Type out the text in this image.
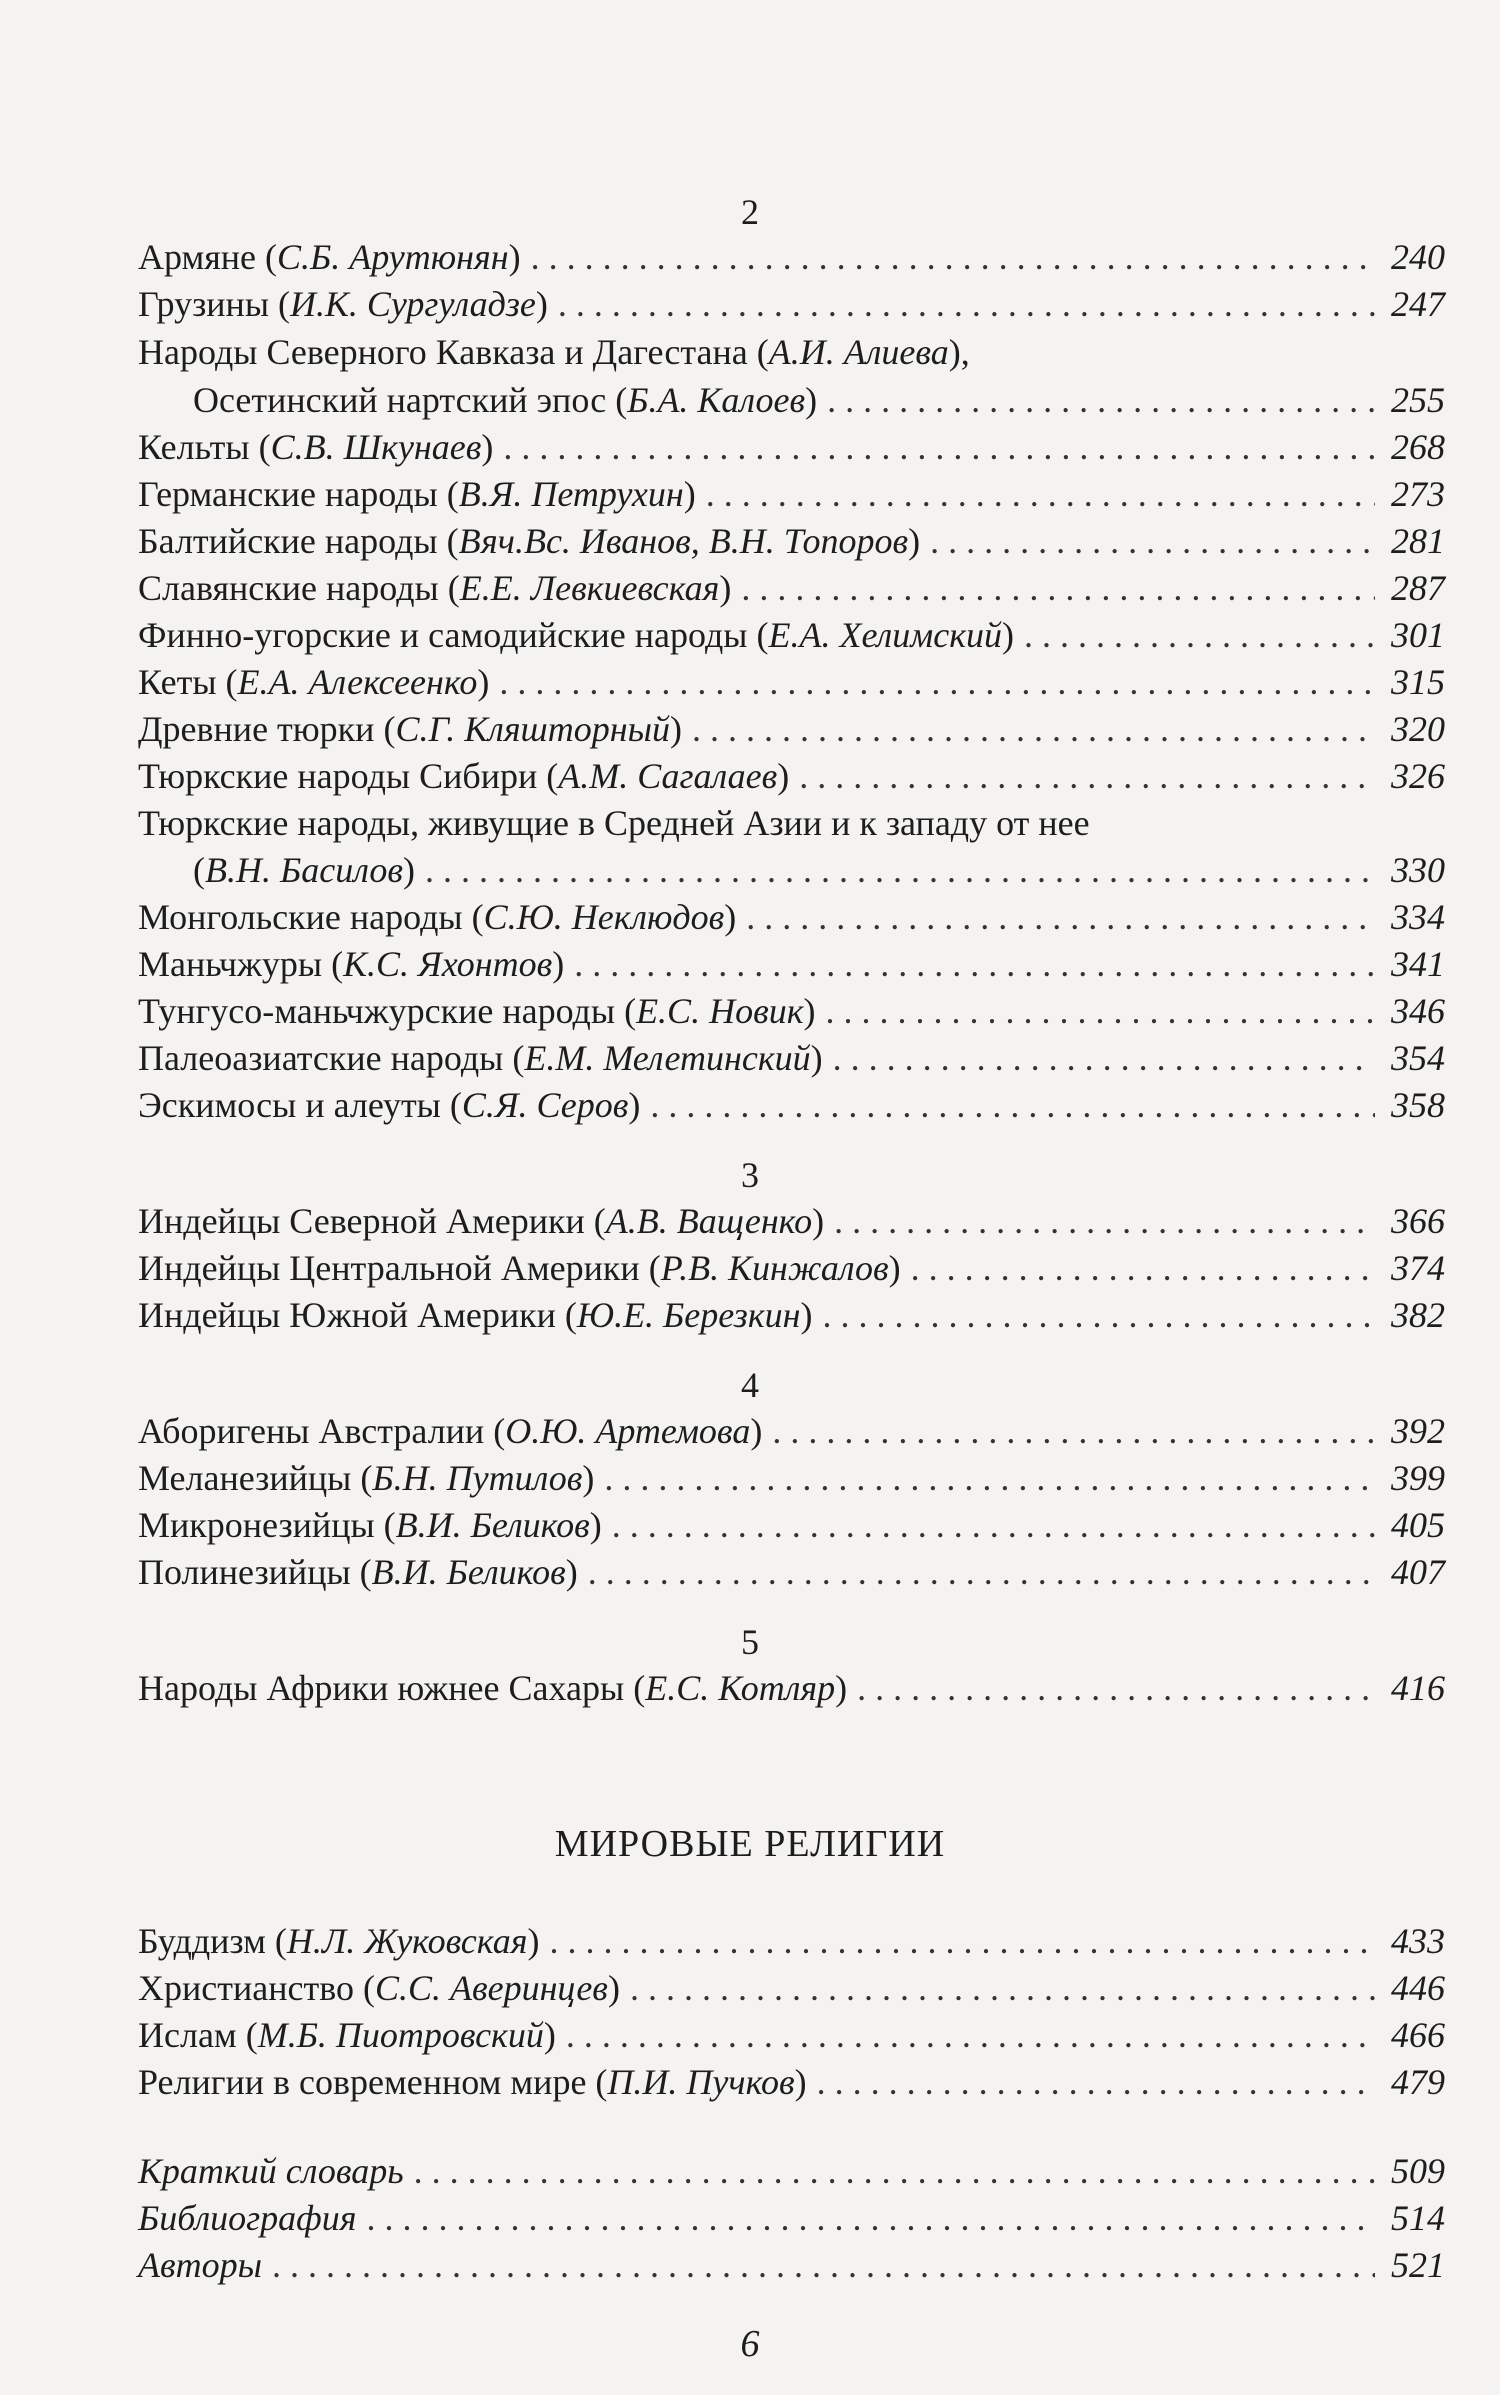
2
Армяне (С.Б. Арутюнян) . . .	240
Грузины (И.К. Сургуладзе) . . .	247
Народы Северного Кавказа и Дагестана (А.И. Алиева),
Осетинский нартский эпос (Б.А. Калоев) . . .	255
Кельты (С.В. Шкунаев) . . .	268
Германские народы (В.Я. Петрухин) . . .	273
Балтийские народы (Вяч.Вс. Иванов, В.Н. Топоров) . . .	281
Славянские народы (Е.Е. Левкиевская) . . .	287
Финно-угорские и самодийские народы (Е.А. Хелимский) . . .	301
Кеты (Е.А. Алексеенко) . . .	315
Древние тюрки (С.Г. Кляшторный) . . .	320
Тюркские народы Сибири (А.М. Сагалаев) . . .	326
Тюркские народы, живущие в Средней Азии и к западу от нее
(В.Н. Басилов) . . .	330
Монгольские народы (С.Ю. Неклюдов) . . .	334
Маньчжуры (К.С. Яхонтов) . . .	341
Тунгусо-маньчжурские народы (Е.С. Новик) . . .	346
Палеоазиатские народы (Е.М. Мелетинский) . . .	354
Эскимосы и алеуты (С.Я. Серов) . . .	358
3
Индейцы Северной Америки (А.В. Ващенко) . . .	366
Индейцы Центральной Америки (Р.В. Кинжалов) . . .	374
Индейцы Южной Америки (Ю.Е. Березкин) . . .	382
4
Аборигены Австралии (О.Ю. Артемова) . . .	392
Меланезийцы (Б.Н. Путилов) . . .	399
Микронезийцы (В.И. Беликов) . . .	405
Полинезийцы (В.И. Беликов) . . .	407
5
Народы Африки южнее Сахары (Е.С. Котляр) . . .	416
МИРОВЫЕ РЕЛИГИИ
Буддизм (Н.Л. Жуковская) . . .	433
Христианство (С.С. Аверинцев) . . .	446
Ислам (М.Б. Пиотровский) . . .	466
Религии в современном мире (П.И. Пучков) . . .	479
Краткий словарь . . .	509
Библиография . . .	514
Авторы . . .	521
6
